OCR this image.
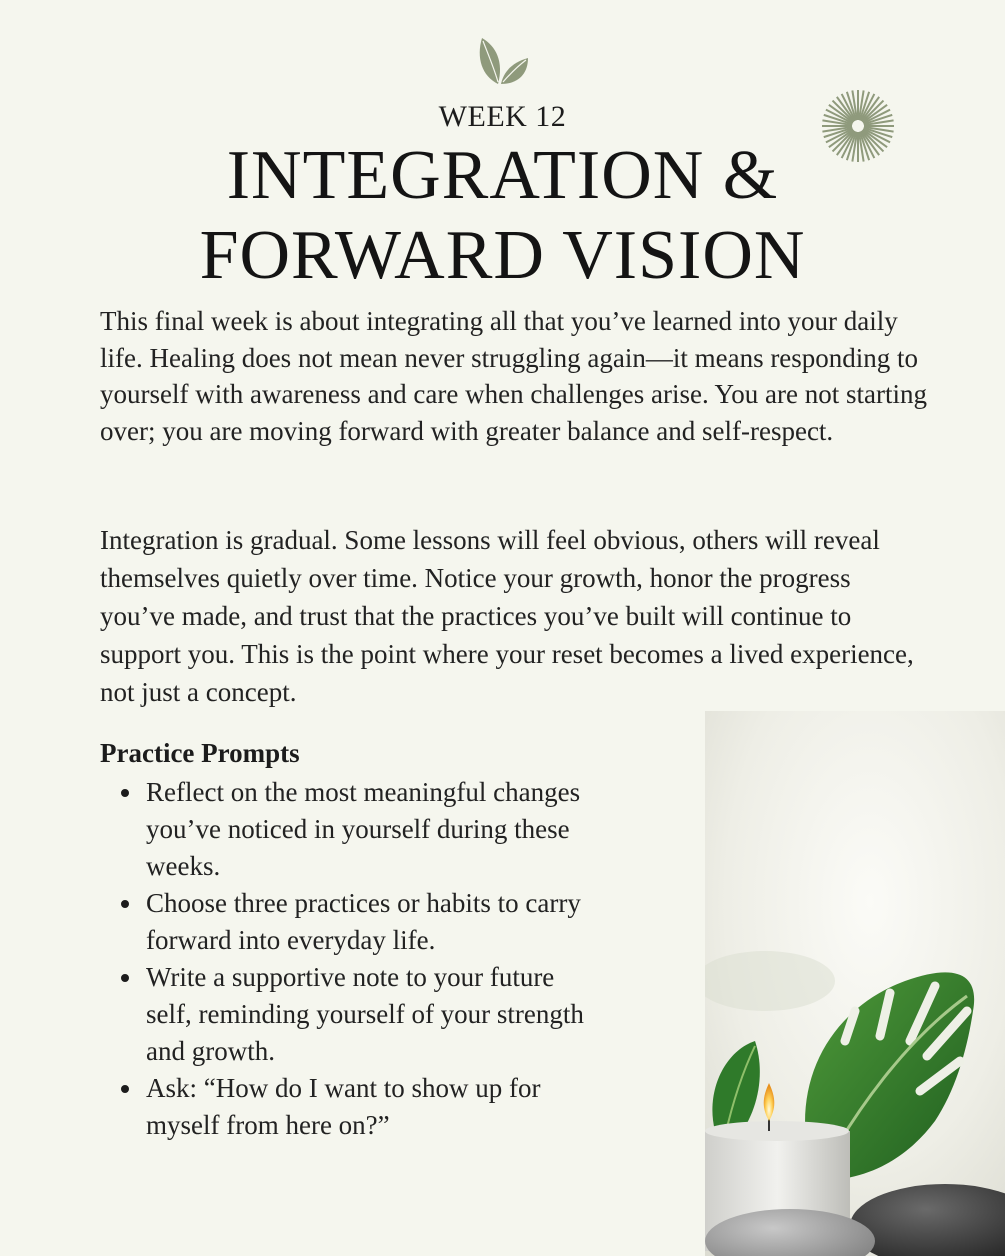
WEEK 12
INTEGRATION &
FORWARD VISION

This final week is about integrating all that you’ve learned into your daily life. Healing does not mean never struggling again—it means responding to yourself with awareness and care when challenges arise. You are not starting over; you are moving forward with greater balance and self-respect.

Integration is gradual. Some lessons will feel obvious, others will reveal themselves quietly over time. Notice your growth, honor the progress you’ve made, and trust that the practices you’ve built will continue to support you. This is the point where your reset becomes a lived experience, not just a concept.

Practice Prompts
Reflect on the most meaningful changes you’ve noticed in yourself during these weeks.
Choose three practices or habits to carry forward into everyday life.
Write a supportive note to your future self, reminding yourself of your strength and growth.
Ask: “How do I want to show up for myself from here on?”
